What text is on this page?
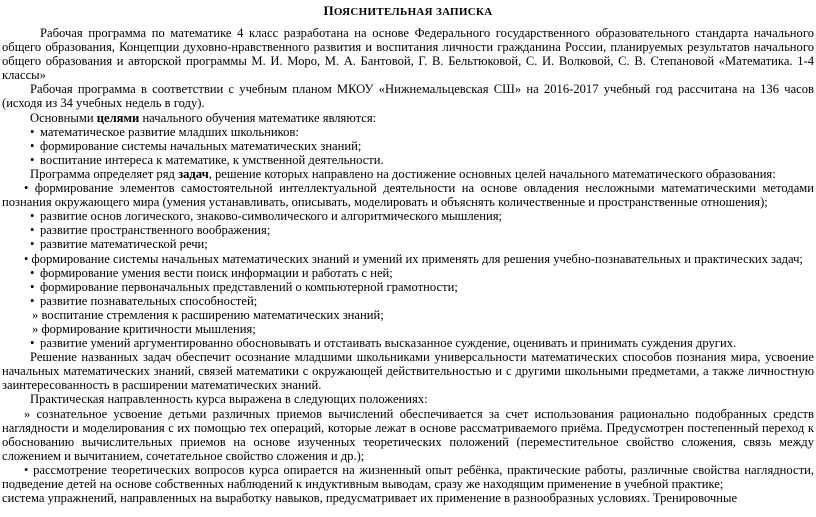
ПОЯСНИТЕЛЬНАЯ ЗАПИСКА

Рабочая программа по математике 4 класс разработана на основе Федерального государственного образовательного стандарта начального общего образования, Концепции духовно-нравственного развития и воспитания личности гражданина России, планируемых результатов начального общего образования и авторской программы М. И. Моро, М. А. Бантовой, Г. В. Бельтюковой, С. И. Волковой, С. В. Степановой «Математика. 1-4 классы»

Рабочая программа в соответствии с учебным планом МКОУ «Нижнемальцевская СШ» на 2016-2017 учебный год рассчитана на 136 часов (исходя из 34 учебных недель в году).

Основными целями начального обучения математике являются:

• математическое развитие младших школьников:
• формирование системы начальных математических знаний;
• воспитание интереса к математике, к умственной деятельности.

Программа определяет ряд задач, решение которых направлено на достижение основных целей начального математического образования:

• формирование элементов самостоятельной интеллектуальной деятельности на основе овладения несложными математическими методами познания окружающего мира (умения устанавливать, описывать, моделировать и объяснять количественные и пространственные отношения);

• развитие основ логического, знаково-символического и алгоритмического мышления;
• развитие пространственного воображения;
• развитие математической речи;

• формирование системы начальных математических знаний и умений их применять для решения учебно-познавательных и практических задач;

• формирование умения вести поиск информации и работать с ней;
• формирование первоначальных представлений о компьютерной грамотности;
• развитие познавательных способностей;

» воспитание стремления к расширению математических знаний;

» формирование критичности мышления;

• развитие умений аргументированно обосновывать и отстаивать высказанное суждение, оценивать и принимать суждения других.

Решение названных задач обеспечит осознание младшими школьниками универсальности математических способов познания мира, усвоение начальных математических знаний, связей математики с окружающей действительностью и с другими школьными предметами, а также личностную заинтересованность в расширении математических знаний.

Практическая направленность курса выражена в следующих положениях:

» сознательное усвоение детьми различных приемов вычислений обеспечивается за счет использования рационально подобранных средств наглядности и моделирования с их помощью тех операций, которые лежат в основе рассматриваемого приёма. Предусмотрен постепенный переход к обоснованию вычислительных приемов на основе изученных теоретических положений (переместительное свойство сложения, связь между сложением и вычитанием, сочетательное свойство сложения и др.);

• рассмотрение теоретических вопросов курса опирается на жизненный опыт ребёнка, практические работы, различные свойства наглядности, подведение детей на основе собственных наблюдений к индуктивным выводам, сразу же находящим применение в учебной практике;

система упражнений, направленных на выработку навыков, предусматривает их применение в разнообразных условиях. Тренировочные
